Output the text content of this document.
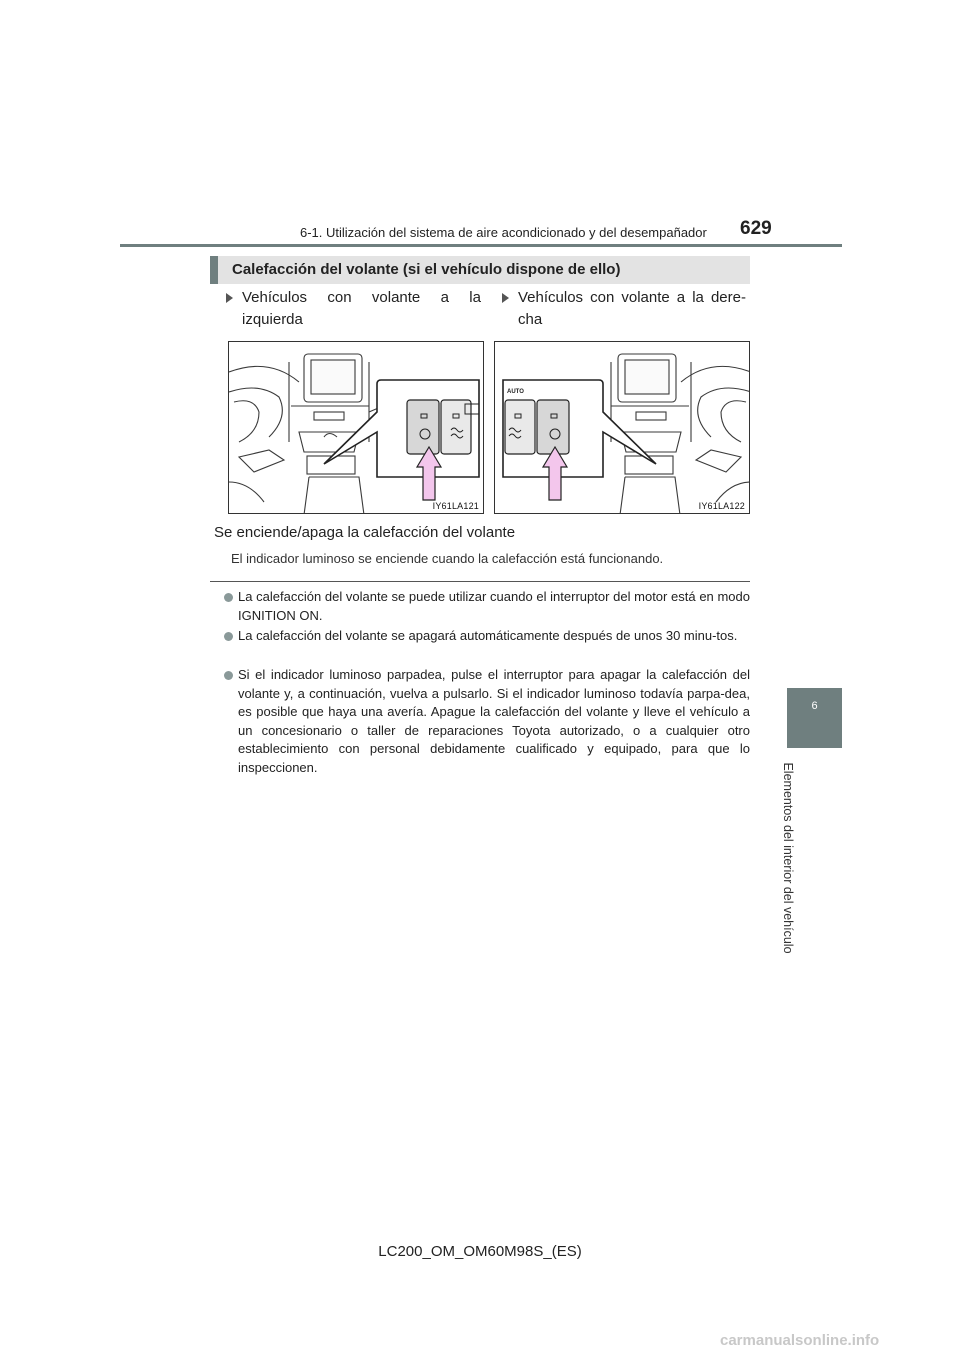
6-1. Utilización del sistema de aire acondicionado y del desempañador 629
6
Elementos del interior del vehículo
Calefacción del volante (si el vehículo dispone de ello)
Vehículos con volante a la
izquierda
Vehículos con volante a la dere-
cha
IY61LA121
AUTO
IY61LA122
Se enciende/apaga la calefacción del volante
El indicador luminoso se enciende cuando la calefacción está funcionando.
La calefacción del volante se puede utilizar cuando el interruptor del motor está en modo IGNITION ON.
La calefacción del volante se apagará automáticamente después de unos 30 minu-tos.
Si el indicador luminoso parpadea, pulse el interruptor para apagar la calefacción del volante y, a continuación, vuelva a pulsarlo. Si el indicador luminoso todavía parpa-dea, es posible que haya una avería. Apague la calefacción del volante y lleve el vehículo a un concesionario o taller de reparaciones Toyota autorizado, o a cualquier otro establecimiento con personal debidamente cualificado y equipado, para que lo inspeccionen.
LC200_OM_OM60M98S_(ES)
carmanualsonline.info
